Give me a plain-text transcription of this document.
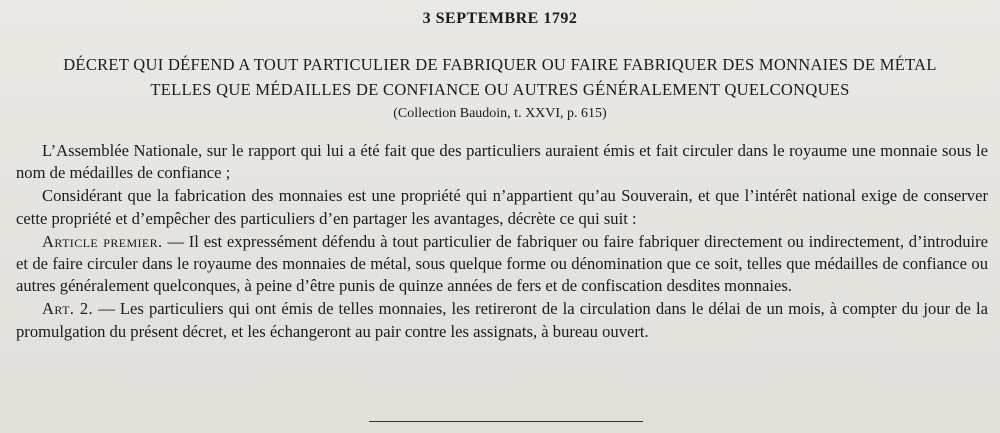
3 SEPTEMBRE 1792
DÉCRET QUI DÉFEND A TOUT PARTICULIER DE FABRIQUER OU FAIRE FABRIQUER DES MONNAIES DE MÉTAL
TELLES QUE MÉDAILLES DE CONFIANCE OU AUTRES GÉNÉRALEMENT QUELCONQUES
(Collection Baudoin, t. XXVI, p. 615)

L’Assemblée Nationale, sur le rapport qui lui a été fait que des particuliers auraient émis et fait circuler dans le royaume une monnaie sous le nom de médailles de confiance ;

Considérant que la fabrication des monnaies est une propriété qui n’appartient qu’au Souverain, et que l’intérêt national exige de conserver cette propriété et d’empêcher des particuliers d’en partager les avantages, décrète ce qui suit :

Article premier. — Il est expressément défendu à tout particulier de fabriquer ou faire fabriquer directement ou indirectement, d’introduire et de faire circuler dans le royaume des monnaies de métal, sous quelque forme ou dénomination que ce soit, telles que médailles de confiance ou autres généralement quelconques, à peine d’être punis de quinze années de fers et de confiscation desdites monnaies.

Art. 2. — Les particuliers qui ont émis de telles monnaies, les retireront de la circulation dans le délai de un mois, à compter du jour de la promulgation du présent décret, et les échangeront au pair contre les assignats, à bureau ouvert.
